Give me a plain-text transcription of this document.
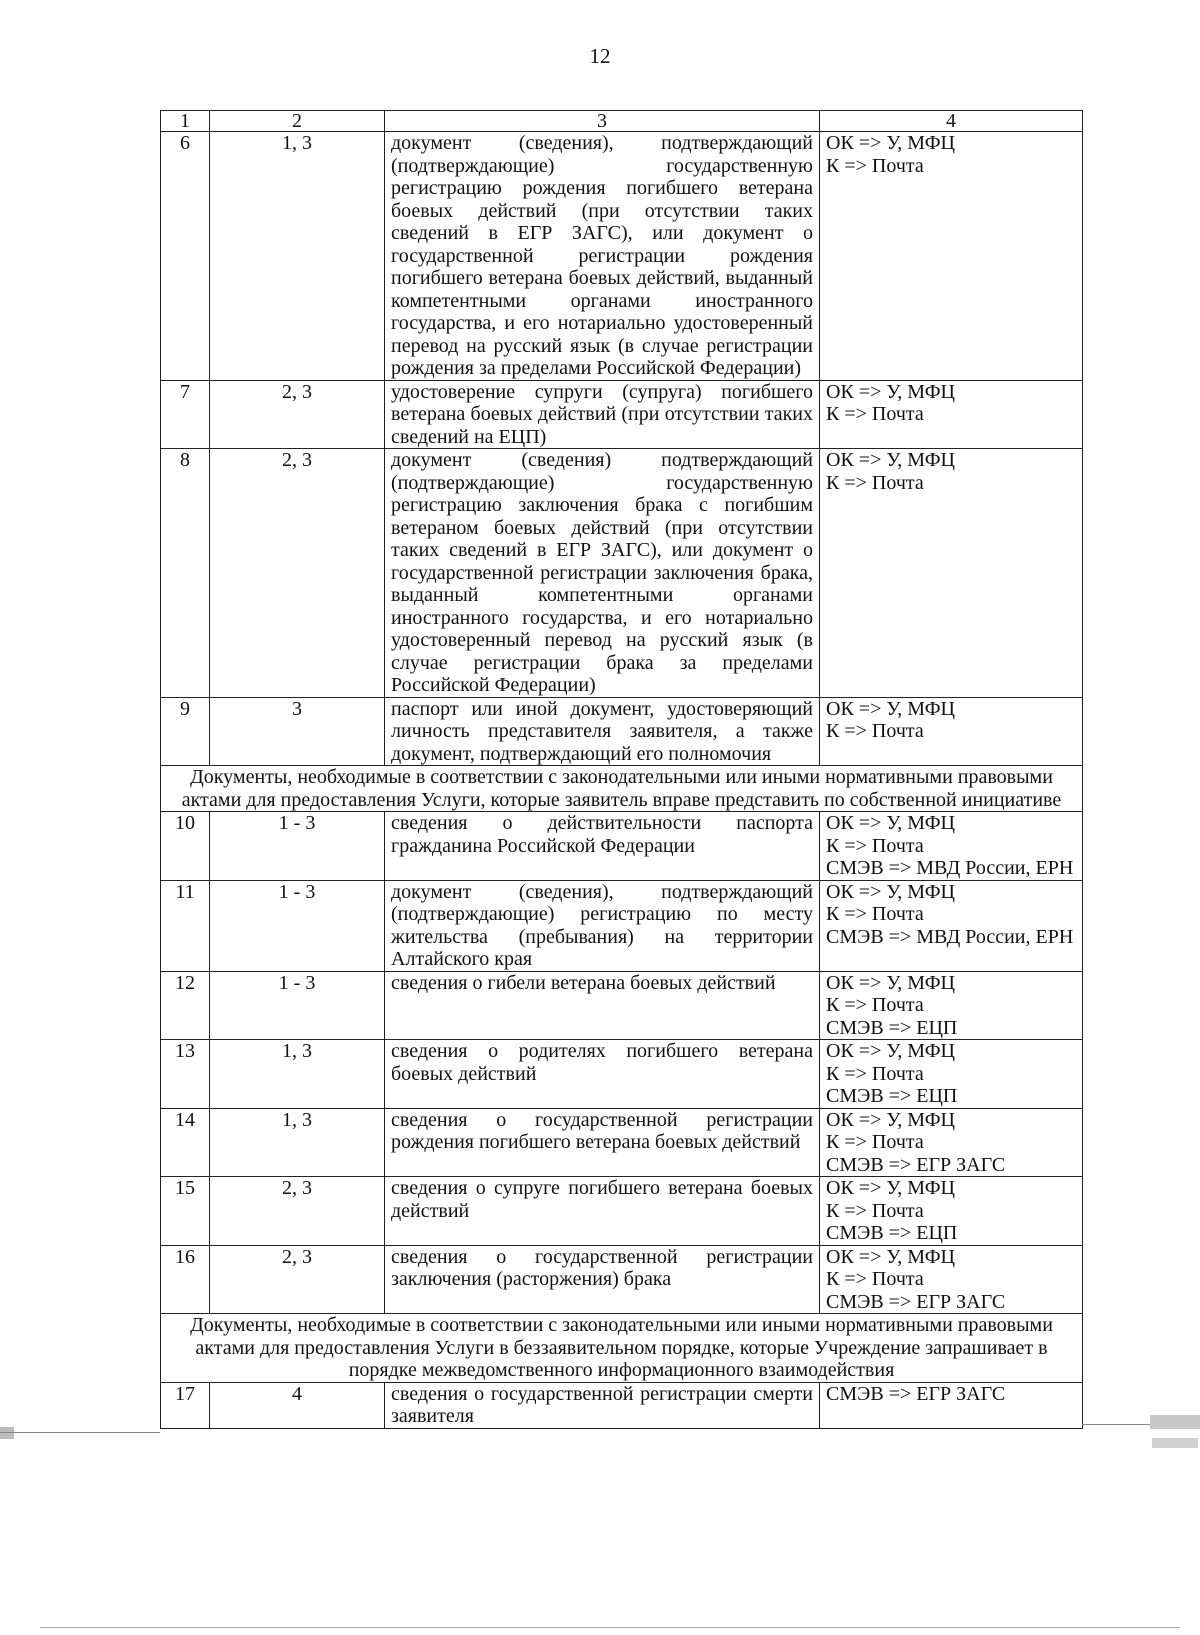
12
1	2	3	4
6	1, 3	документ (сведения), подтверждающий (подтверждающие) государственную регистрацию рождения погибшего ветерана боевых действий (при отсутствии таких сведений в ЕГР ЗАГС), или документ о государственной регистрации рождения погибшего ветерана боевых действий, выданный компетентными органами иностранного государства, и его нотариально удостоверенный перевод на русский язык (в случае регистрации рождения за пределами Российской Федерации)	ОК => У, МФЦ
К => Почта

7	2, 3	удостоверение супруги (супруга) погибшего ветерана боевых действий (при отсутствии таких сведений на ЕЦП)	ОК => У, МФЦ
К => Почта

8	2, 3	документ (сведения) подтверждающий (подтверждающие) государственную регистрацию заключения брака с погибшим ветераном боевых действий (при отсутствии таких сведений в ЕГР ЗАГС), или документ о государственной регистрации заключения брака, выданный компетентными органами иностранного государства, и его нотариально удостоверенный перевод на русский язык (в случае регистрации брака за пределами Российской Федерации)	ОК => У, МФЦ
К => Почта

9	3	паспорт или иной документ, удостоверяющий личность представителя заявителя, а также документ, подтверждающий его полномочия	ОК => У, МФЦ
К => Почта

Документы, необходимые в соответствии с законодательными или иными нормативными правовыми актами для предоставления Услуги, которые заявитель вправе представить по собственной инициативе			
10	1 - 3	сведения о действительности паспорта гражданина Российской Федерации	ОК => У, МФЦ
К => Почта
СМЭВ => МВД России, ЕРН
11	1 - 3	документ (сведения), подтверждающий (подтверждающие) регистрацию по месту жительства (пребывания) на территории Алтайского края	ОК => У, МФЦ
К => Почта
СМЭВ => МВД России, ЕРН
12	1 - 3	сведения о гибели ветерана боевых действий	ОК => У, МФЦ
К => Почта
СМЭВ => ЕЦП

13	1, 3	сведения о родителях погибшего ветерана боевых действий	ОК => У, МФЦ
К => Почта
СМЭВ => ЕЦП

14	1, 3	сведения о государственной регистрации рождения погибшего ветерана боевых действий	ОК => У, МФЦ
К => Почта
СМЭВ => ЕГР ЗАГС

15	2, 3	сведения о супруге погибшего ветерана боевых действий	ОК => У, МФЦ
К => Почта
СМЭВ => ЕЦП

16	2, 3	сведения о государственной регистрации заключения (расторжения) брака	ОК => У, МФЦ
К => Почта
СМЭВ => ЕГР ЗАГС

Документы, необходимые в соответствии с законодательными или иными нормативными правовыми актами для предоставления Услуги в беззаявительном порядке, которые Учреждение запрашивает в порядке межведомственного информационного взаимодействия			
17	4	сведения о государственной регистрации смерти заявителя	СМЭВ => ЕГР ЗАГС
